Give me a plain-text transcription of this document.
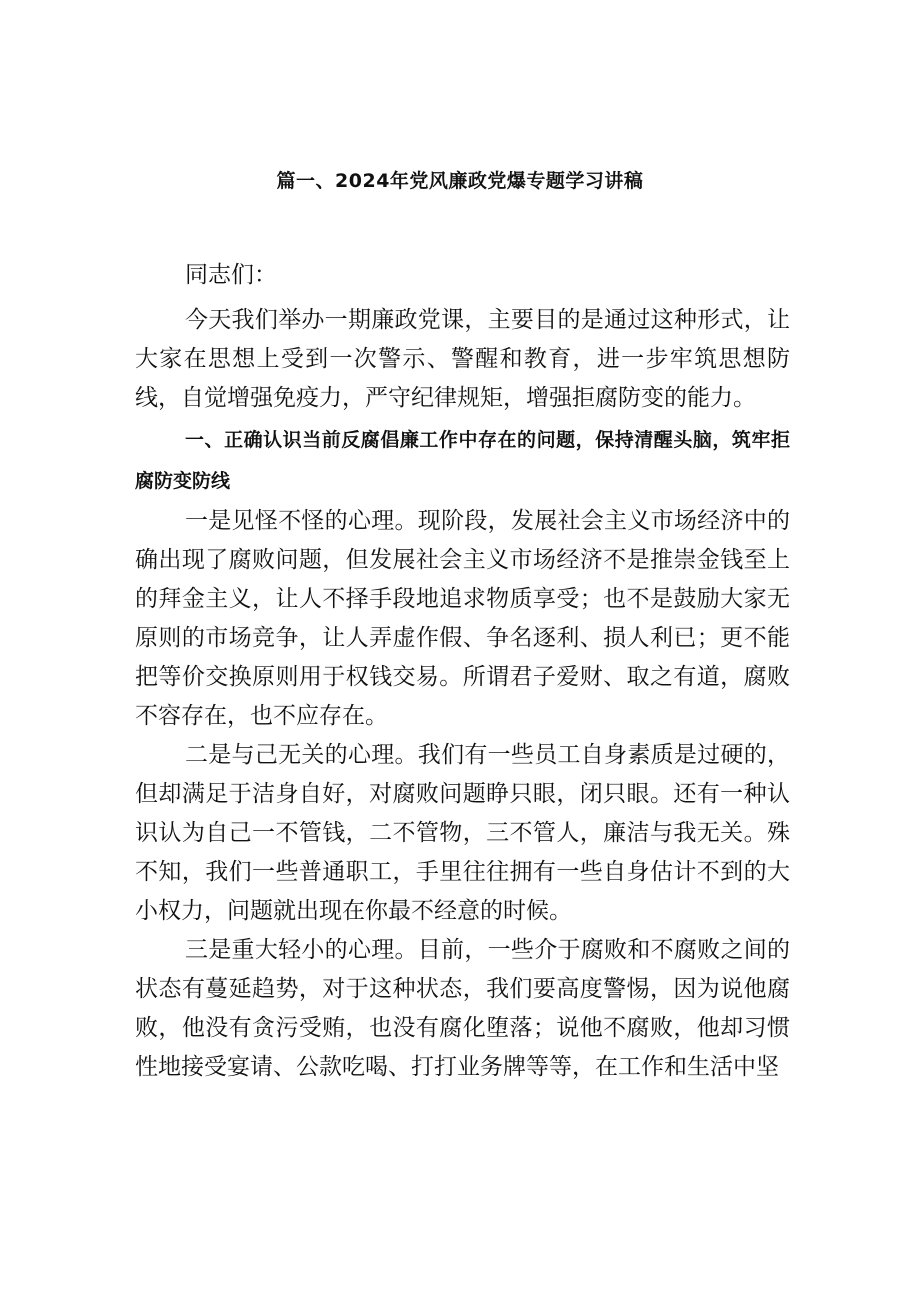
篇一、2024年党风廉政党爆专题学习讲稿

同志们：

今天我们举办一期廉政党课，主要目的是通过这种形式，让大家在思想上受到一次警示、警醒和教育，进一步牢筑思想防线，自觉增强免疫力，严守纪律规矩，增强拒腐防变的能力。

一、正确认识当前反腐倡廉工作中存在的问题，保持清醒头脑，筑牢拒腐防变防线

一是见怪不怪的心理。现阶段，发展社会主义市场经济中的确出现了腐败问题，但发展社会主义市场经济不是推崇金钱至上的拜金主义，让人不择手段地追求物质享受；也不是鼓励大家无原则的市场竞争，让人弄虚作假、争名逐利、损人利已；更不能把等价交换原则用于权钱交易。所谓君子爱财、取之有道，腐败不容存在，也不应存在。

二是与己无关的心理。我们有一些员工自身素质是过硬的，但却满足于洁身自好，对腐败问题睁只眼，闭只眼。还有一种认识认为自己一不管钱，二不管物，三不管人，廉洁与我无关。殊不知，我们一些普通职工，手里往往拥有一些自身估计不到的大小权力，问题就出现在你最不经意的时候。

三是重大轻小的心理。目前，一些介于腐败和不腐败之间的状态有蔓延趋势，对于这种状态，我们要高度警惕，因为说他腐败，他没有贪污受贿，也没有腐化堕落；说他不腐败，他却习惯性地接受宴请、公款吃喝、打打业务牌等等，在工作和生活中坚
